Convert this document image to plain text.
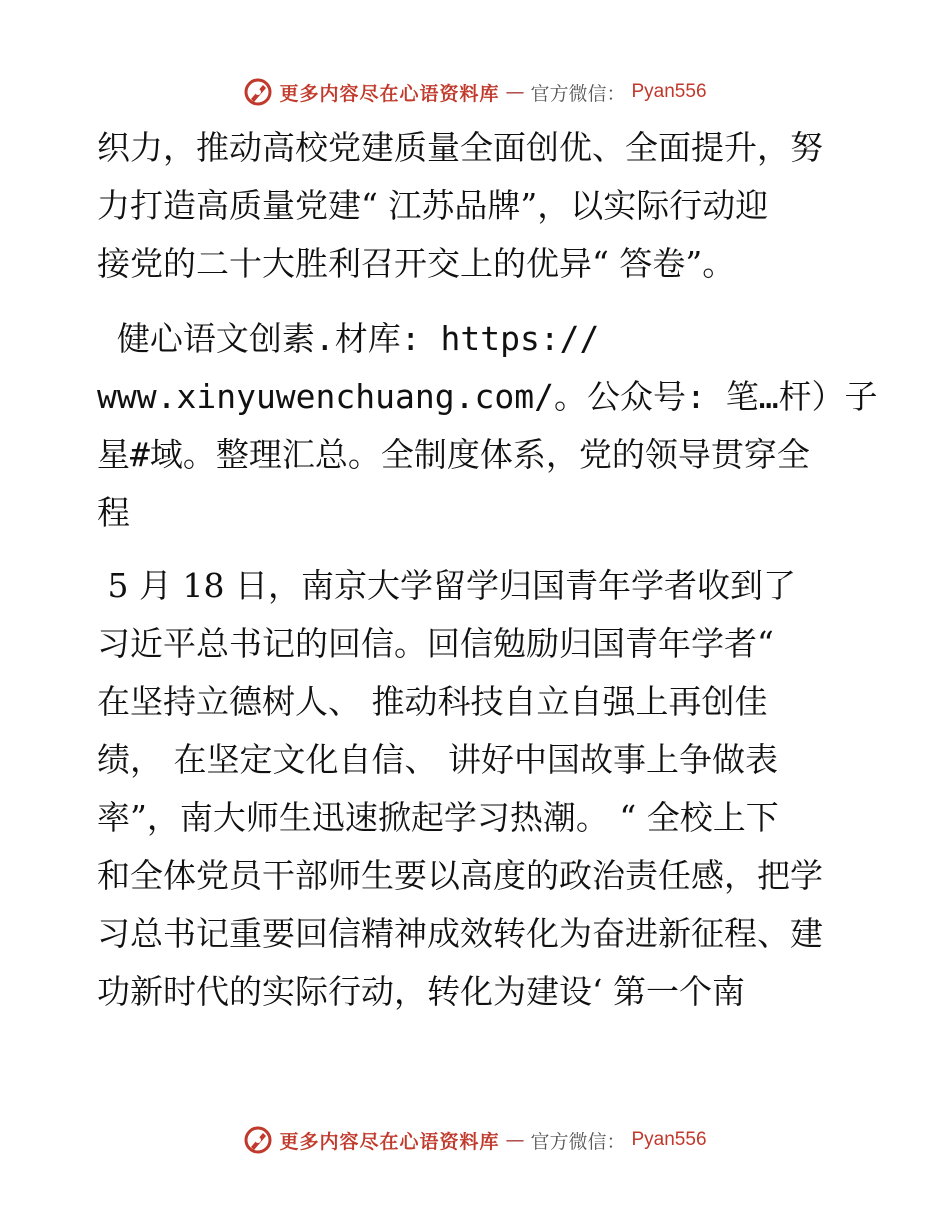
更多内容尽在心语资料库 — 官方微信： Pyan556
织力，推动高校党建质量全面创优、全面提升，努
力打造高质量党建“ 江苏品牌”，以实际行动迎
接党的二十大胜利召开交上的优异“ 答卷”。
健心语文创素.材库: https://
www.xinyuwenchuang.com/。公众号: 笔…杆）子
星#域。整理汇总。全制度体系，党的领导贯穿全
程
5 月 18 日，南京大学留学归国青年学者收到了
习近平总书记的回信。回信勉励归国青年学者“
在坚持立德树人、 推动科技自立自强上再创佳
绩， 在坚定文化自信、 讲好中国故事上争做表
率”，南大师生迅速掀起学习热潮。 “ 全校上下
和全体党员干部师生要以高度的政治责任感，把学
习总书记重要回信精神成效转化为奋进新征程、建
功新时代的实际行动，转化为建设‘ 第一个南
更多内容尽在心语资料库 — 官方微信： Pyan556
